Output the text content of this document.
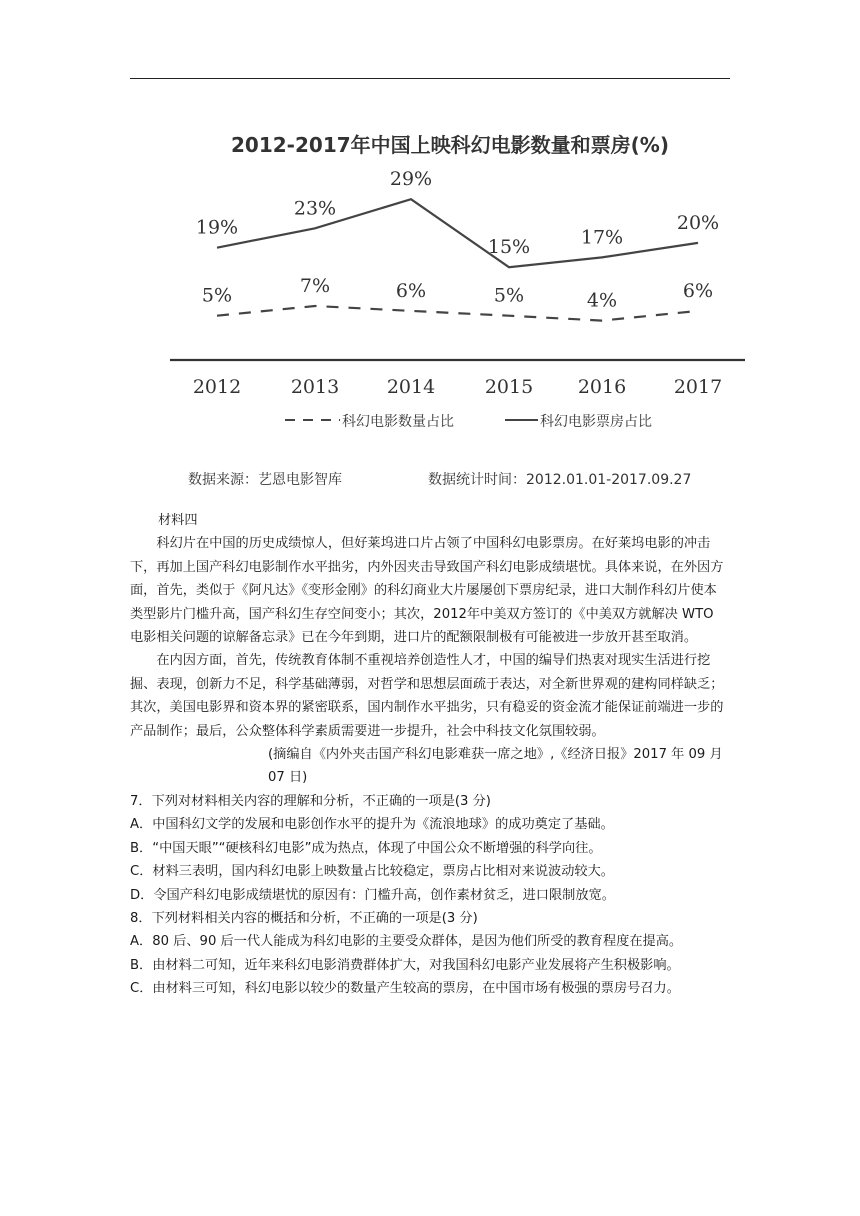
2012-2017年中国上映科幻电影数量和票房(%)
2012	2013	2014	2015 2016	2017
5%	7%	6%	5%	4%	6%
19%
23%
29%
15%	17%
20%
科幻电影数量占比	科幻电影票房占比
数据来源：艺恩电影智库	数据统计时间：2012.01.01-2017.09.27

材料四

科幻片在中国的历史成绩惊人，但好莱坞进口片占领了中国科幻电影票房。在好莱坞电影的冲击下，再加上国产科幻电影制作水平拙劣，内外因夹击导致国产科幻电影成绩堪忧。具体来说，在外因方面，首先，类似于《阿凡达》《变形金刚》的科幻商业大片屡屡创下票房纪录，进口大制作科幻片使本类型影片门槛升高，国产科幻生存空间变小；其次，2012年中美双方签订的《中美双方就解决 WTO 电影相关问题的谅解备忘录》已在今年到期，进口片的配额限制极有可能被进一步放开甚至取消。

在内因方面，首先，传统教育体制不重视培养创造性人才，中国的编导们热衷对现实生活进行挖掘、表现，创新力不足，科学基础薄弱，对哲学和思想层面疏于表达，对全新世界观的建构同样缺乏；其次，美国电影界和资本界的紧密联系，国内制作水平拙劣，只有稳妥的资金流才能保证前端进一步的产品制作；最后，公众整体科学素质需要进一步提升，社会中科技文化氛围较弱。

(摘编自《内外夹击国产科幻电影难获一席之地》,《经济日报》2017 年 09 月 07 日)

7．下列对材料相关内容的理解和分析，不正确的一项是(3 分)

A．中国科幻文学的发展和电影创作水平的提升为《流浪地球》的成功奠定了基础。

B．“中国天眼”“硬核科幻电影”成为热点，体现了中国公众不断增强的科学向往。

C．材料三表明，国内科幻电影上映数量占比较稳定，票房占比相对来说波动较大。

D．令国产科幻电影成绩堪忧的原因有：门槛升高，创作素材贫乏，进口限制放宽。

8．下列材料相关内容的概括和分析，不正确的一项是(3 分)

A．80 后、90 后一代人能成为科幻电影的主要受众群体，是因为他们所受的教育程度在提高。

B．由材料二可知，近年来科幻电影消费群体扩大，对我国科幻电影产业发展将产生积极影响。

C．由材料三可知，科幻电影以较少的数量产生较高的票房，在中国市场有极强的票房号召力。
